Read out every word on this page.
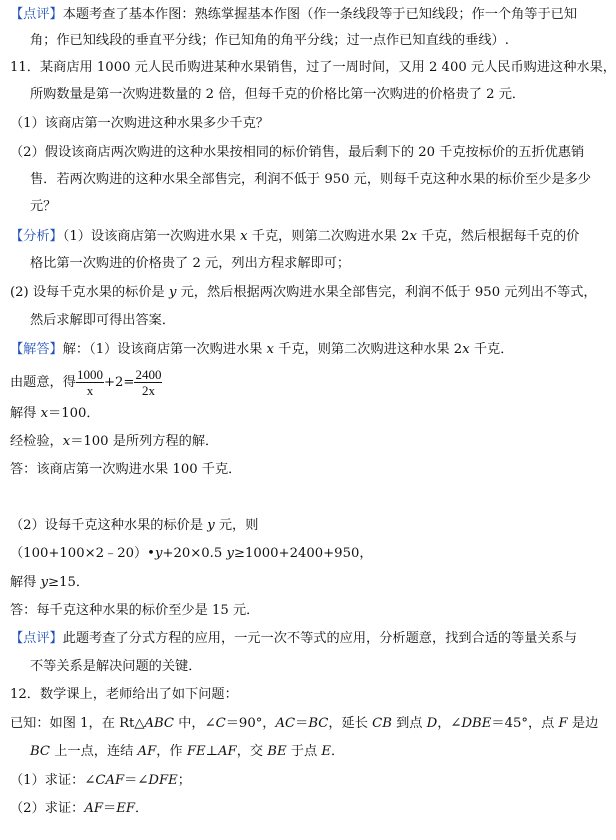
【点评】本题考查了基本作图：熟练掌握基本作图（作一条线段等于已知线段；作一个角等于已知
角；作已知线段的垂直平分线；作已知角的角平分线；过一点作已知直线的垂线）.
11．某商店用 1000 元人民币购进某种水果销售，过了一周时间，又用 2 400 元人民币购进这种水果，
所购数量是第一次购进数量的 2 倍，但每千克的价格比第一次购进的价格贵了 2 元．
（1）该商店第一次购进这种水果多少千克？
（2）假设该商店两次购进的这种水果按相同的标价销售，最后剩下的 20 千克按标价的五折优惠销
售．若两次购进的这种水果全部售完，利润不低于 950 元，则每千克这种水果的标价至少是多少
元？
【分析】（1）设该商店第一次购进水果 x 千克，则第二次购进水果 2x 千克，然后根据每千克的价
格比第一次购进的价格贵了 2 元，列出方程求解即可；
(2) 设每千克水果的标价是 y 元，然后根据两次购进水果全部售完，利润不低于 950 元列出不等式，
然后求解即可得出答案．
【解答】解：（1）设该商店第一次购进水果 x 千克，则第二次购进这种水果 2x 千克．
由题意，得 $\frac{1000}{x} +2= \frac{2400}{2x}$
解得 x＝100．
经检验，x＝100 是所列方程的解．
答：该商店第一次购进水果 100 千克．
（2）设每千克这种水果的标价是 y 元，则
（100+100×2﹣20）•y+20×0.5 y≥1000+2400+950，
解得 y≥15．
答：每千克这种水果的标价至少是 15 元．
【点评】此题考查了分式方程的应用，一元一次不等式的应用，分析题意，找到合适的等量关系与
不等关系是解决问题的关键．
12．数学课上，老师给出了如下问题：
已知：如图 1，在 Rt△ABC 中，∠C＝90°，AC＝BC，延长 CB 到点 D，∠DBE＝45°，点 F 是边
BC 上一点，连结 AF，作 FE⊥AF，交 BE 于点 E．
（1）求证：∠CAF＝∠DFE；
（2）求证：AF＝EF．
